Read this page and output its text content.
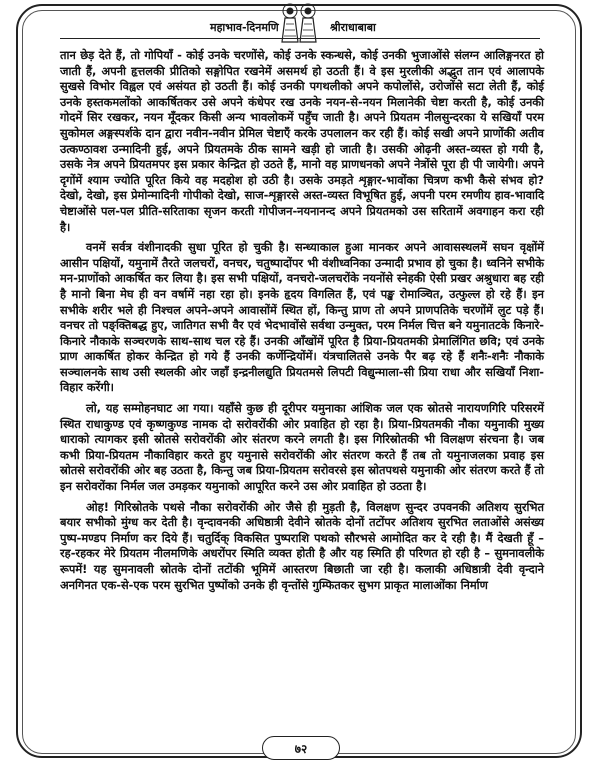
महाभाव-दिनमणि	श्रीराधाबाबा

तान छेड़ देते हैं, तो गोपियाँ - कोई उनके चरणोंसे, कोई उनके स्कन्धसे, कोई उनकी भुजाओंसे संलग्न आलिङ्गनरत हो जाती हैं, अपनी हृत्तलकी प्रीतिको सङ्गोपित रखनेमें असमर्थ हो उठती हैं। वे इस मुरलीकी अद्भुत तान एवं आलापके सुखसे विभोर विह्वल एवं असंयत हो उठती हैं। कोई उनकी पगथलीको अपने कपोलोंसे, उरोजोंसे सटा लेती हैं, कोई उनके हस्तकमलोंको आकर्षितकर उसे अपने कंधेपर रख उनके नयन-से-नयन मिलानेकी चेष्टा करती है, कोई उनकी गोदमें सिर रखकर, नयन मूँदकर किसी अन्य भावलोकमें पहुँच जाती है। अपने प्रियतम नीलसुन्दरका ये सखियाँ परम सुकोमल अङ्गस्पर्शके दान द्वारा नवीन-नवीन प्रेमिल चेष्टाएँ करके उपलालन कर रही हैं। कोई सखी अपने प्राणोंकी अतीव उत्कण्ठावश उन्मादिनी हुई, अपने प्रियतमके ठीक सामने खड़ी हो जाती है। उसकी ओढ़नी अस्त-व्यस्त हो गयी है, उसके नेत्र अपने प्रियतमपर इस प्रकार केन्द्रित हो उठते हैं, मानो वह प्राणधनको अपने नेत्रोंसे पूरा ही पी जायेगी। अपने दृगोंमें श्याम ज्योति पूरित किये वह मदहोश हो उठी है। उसके उमड़ते शृङ्गार-भावोंका चित्रण कभी कैसे संभव हो? देखो, देखो, इस प्रेमोन्मादिनी गोपीको देखो, साज-शृङ्गारसे अस्त-व्यस्त विभूषित हुई, अपनी परम रमणीय हाव-भावादि चेष्टाओंसे पल-पल प्रीति-सरिताका सृजन करती गोपीजन-नयनानन्द अपने प्रियतमको उस सरितामें अवगाहन करा रही है।

वनमें सर्वत्र वंशीनादकी सुधा पूरित हो चुकी है। सन्ध्याकाल हुआ मानकर अपने आवासस्थलमें सघन वृक्षोंमें आसीन पक्षियों, यमुनामें तैरते जलचरों, वनचर, चतुष्पादोंपर भी वंशीध्वनिका उन्मादी प्रभाव हो चुका है। ध्वनिने सभीके मन-प्राणोंको आकर्षित कर लिया है। इस सभी पक्षियों, वनचरो-जलचरोंके नयनोंसे स्नेहकी ऐसी प्रखर अश्रुधारा बह रही है मानो बिना मेघ ही वन वर्षामें नहा रहा हो। इनके हृदय विगलित हैं, एवं पङ्ख रोमाञ्चित, उत्फुल्ल हो रहे हैं। इन सभीके शरीर भले ही निश्चल अपने-अपने आवासोंमें स्थित हों, किन्तु प्राण तो अपने प्राणपतिके चरणोंमें लुट पड़े हैं। वनचर तो पङ्क्तिबद्ध हुए, जातिगत सभी वैर एवं भेदभावोंसे सर्वथा उन्मुक्त, परम निर्मल चित्त बने यमुनातटके किनारे-किनारे नौकाके सञ्चरणके साथ-साथ चल रहे हैं। उनकी आँखोंमें पूरित है प्रिया-प्रियतमकी प्रेमालिंगित छवि; एवं उनके प्राण आकर्षित होकर केन्द्रित हो गये हैं उनकी कर्णेन्द्रियोंमें। यंत्रचालितसे उनके पैर बढ़ रहे हैं शनैः-शनैः नौकाके सञ्चालनके साथ उसी स्थलकी ओर जहाँ इन्द्रनीलद्युति प्रियतमसे लिपटी विद्युन्माला-सी प्रिया राधा और सखियाँ निशा-विहार करेंगी।

लो, यह सम्मोहनघाट आ गया। यहाँसे कुछ ही दूरीपर यमुनाका आंशिक जल एक स्रोतसे नारायणगिरि परिसरमें स्थित राधाकुण्ड एवं कृष्णकुण्ड नामक दो सरोवरोंकी ओर प्रवाहित हो रहा है। प्रिया-प्रियतमकी नौका यमुनाकी मुख्य धाराको त्यागकर इसी स्रोतसे सरोवरोंकी ओर संतरण करने लगती है। इस गिरिस्रोतकी भी विलक्षण संरचना है। जब कभी प्रिया-प्रियतम नौकाविहार करते हुए यमुनासे सरोवरोंकी ओर संतरण करते हैं तब तो यमुनाजलका प्रवाह इस स्रोतसे सरोवरोंकी ओर बह उठता है, किन्तु जब प्रिया-प्रियतम सरोवरसे इस स्रोतपथसे यमुनाकी ओर संतरण करते हैं तो इन सरोवरोंका निर्मल जल उमड़कर यमुनाको आपूरित करने उस ओर प्रवाहित हो उठता है।

ओह! गिरिस्रोतके पथसे नौका सरोवरोंकी ओर जैसे ही मुड़ती है, विलक्षण सुन्दर उपवनकी अतिशय सुरभित बयार सभीको मुंग्ध कर देती है। वृन्दावनकी अधिष्ठात्री देवीने स्रोतके दोनों तटोंपर अतिशय सुरभित लताओंसे असंख्य पुष्प-मण्डप निर्माण कर दिये हैं। चतुर्दिक् विकसित पुष्पराशि पथको सौरभसे आमोदित कर दे रही है। मैं देखती हूँ – रह-रहकर मेरे प्रियतम नीलमणिके अधरोंपर स्मिति व्यक्त होती है और यह स्मिति ही परिणत हो रही है – सुमनावलीके रूपमें! यह सुमनावली स्रोतके दोनों तटोंकी भूमिमें आस्तरण बिछाती जा रही है। कलाकी अधिष्ठात्री देवी वृन्दाने अनगिनत एक-से-एक परम सुरभित पुष्पोंको उनके ही वृन्तोंसे गुम्फितकर सुभग प्राकृत मालाओंका निर्माण

७२
